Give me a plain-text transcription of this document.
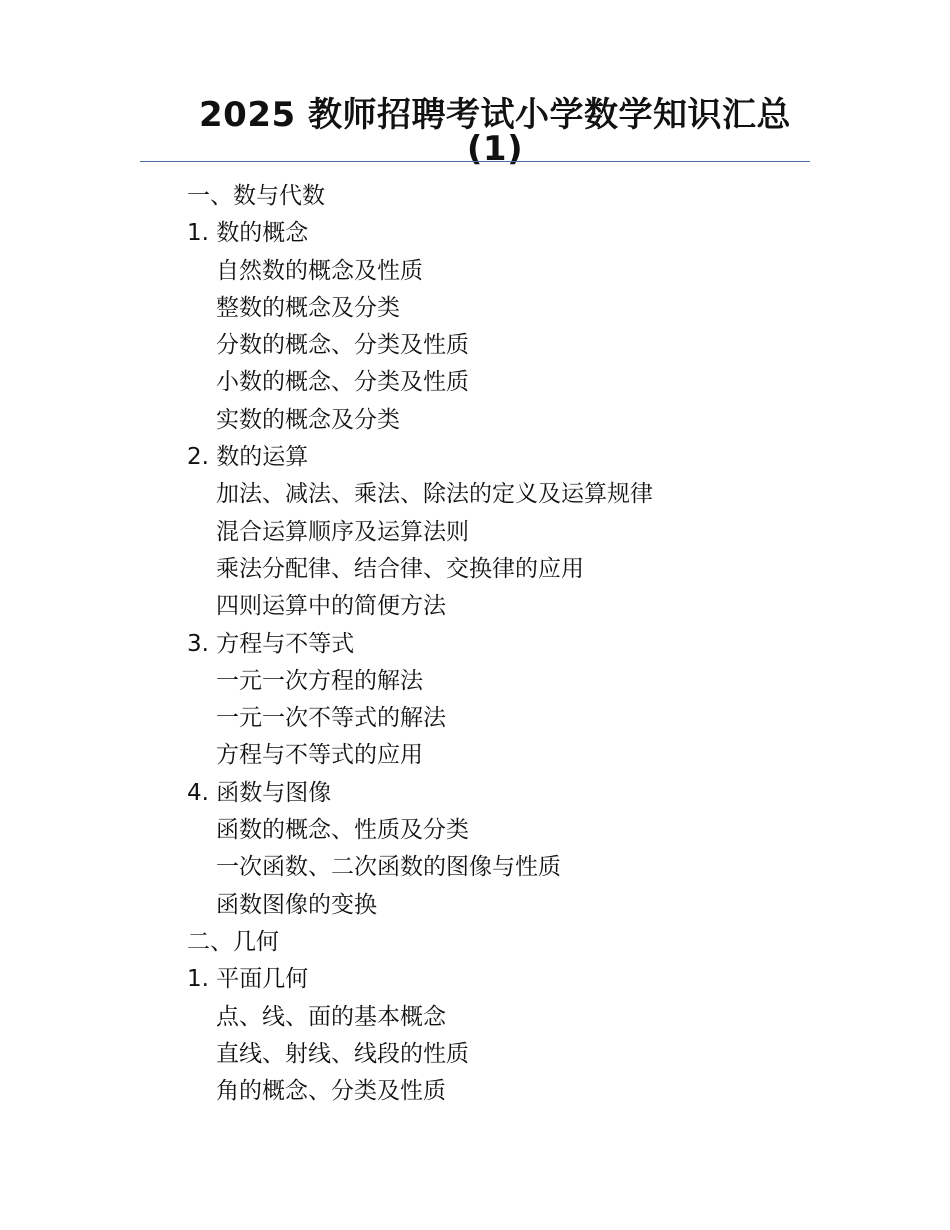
2025 教师招聘考试小学数学知识汇总
(1)
一、数与代数
1. 数的概念
自然数的概念及性质
整数的概念及分类
分数的概念、分类及性质
小数的概念、分类及性质
实数的概念及分类
2. 数的运算
加法、减法、乘法、除法的定义及运算规律
混合运算顺序及运算法则
乘法分配律、结合律、交换律的应用
四则运算中的简便方法
3. 方程与不等式
一元一次方程的解法
一元一次不等式的解法
方程与不等式的应用
4. 函数与图像
函数的概念、性质及分类
一次函数、二次函数的图像与性质
函数图像的变换
二、几何
1. 平面几何
点、线、面的基本概念
直线、射线、线段的性质
角的概念、分类及性质
